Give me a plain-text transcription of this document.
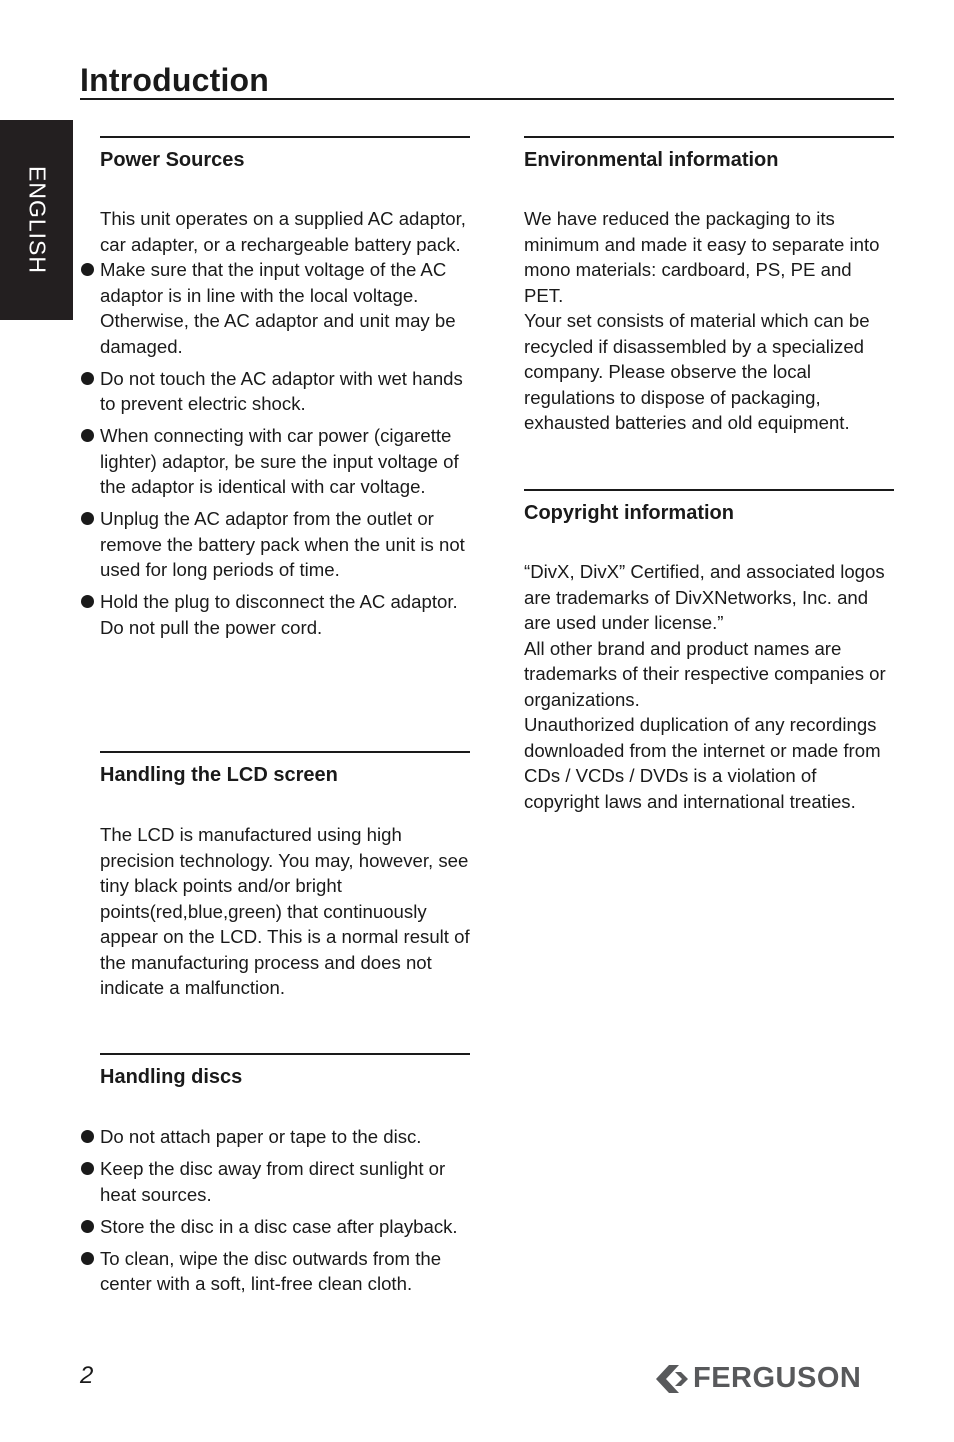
Introduction
ENGLISH
Power Sources

This unit operates on a supplied AC adaptor, car adapter, or a rechargeable battery pack.

Make sure that the input voltage of the AC adaptor is in line with the local voltage. Otherwise, the AC adaptor and unit may be damaged.
Do not touch the AC adaptor with wet hands to prevent electric shock.
When connecting with car power (cigarette lighter) adaptor, be sure the input voltage of the adaptor is identical with car voltage.
Unplug the AC adaptor from the outlet or remove the battery pack when the unit is not used for long periods of time.
Hold the plug to disconnect the AC adaptor. Do not pull the power cord.
Handling the LCD screen

The LCD is manufactured using high precision technology. You may, however, see tiny black points and/or bright points(red,blue,green) that continuously appear on the LCD. This is a normal result of the manufacturing process and does not indicate a malfunction.

Handling discs
Do not attach paper or tape to the disc.
Keep the disc away from direct sunlight or heat sources.
Store the disc in a disc case after playback.
To clean, wipe the disc outwards from the center with a soft, lint-free clean cloth.
Environmental information

We have reduced the packaging to its minimum and made it easy to separate into mono materials: cardboard, PS, PE and PET.

Your set consists of material which can be recycled if disassembled by a specialized company. Please observe the local regulations to dispose of packaging, exhausted batteries and old equipment.

Copyright information

“DivX, DivX” Certified, and associated logos are trademarks of DivXNetworks, Inc. and are used under license.”

All other brand and product names are trademarks of their respective companies or organizations.

Unauthorized duplication of any recordings downloaded from the internet or made from CDs / VCDs / DVDs is a violation of copyright laws and international treaties.

2	FERGUSON
